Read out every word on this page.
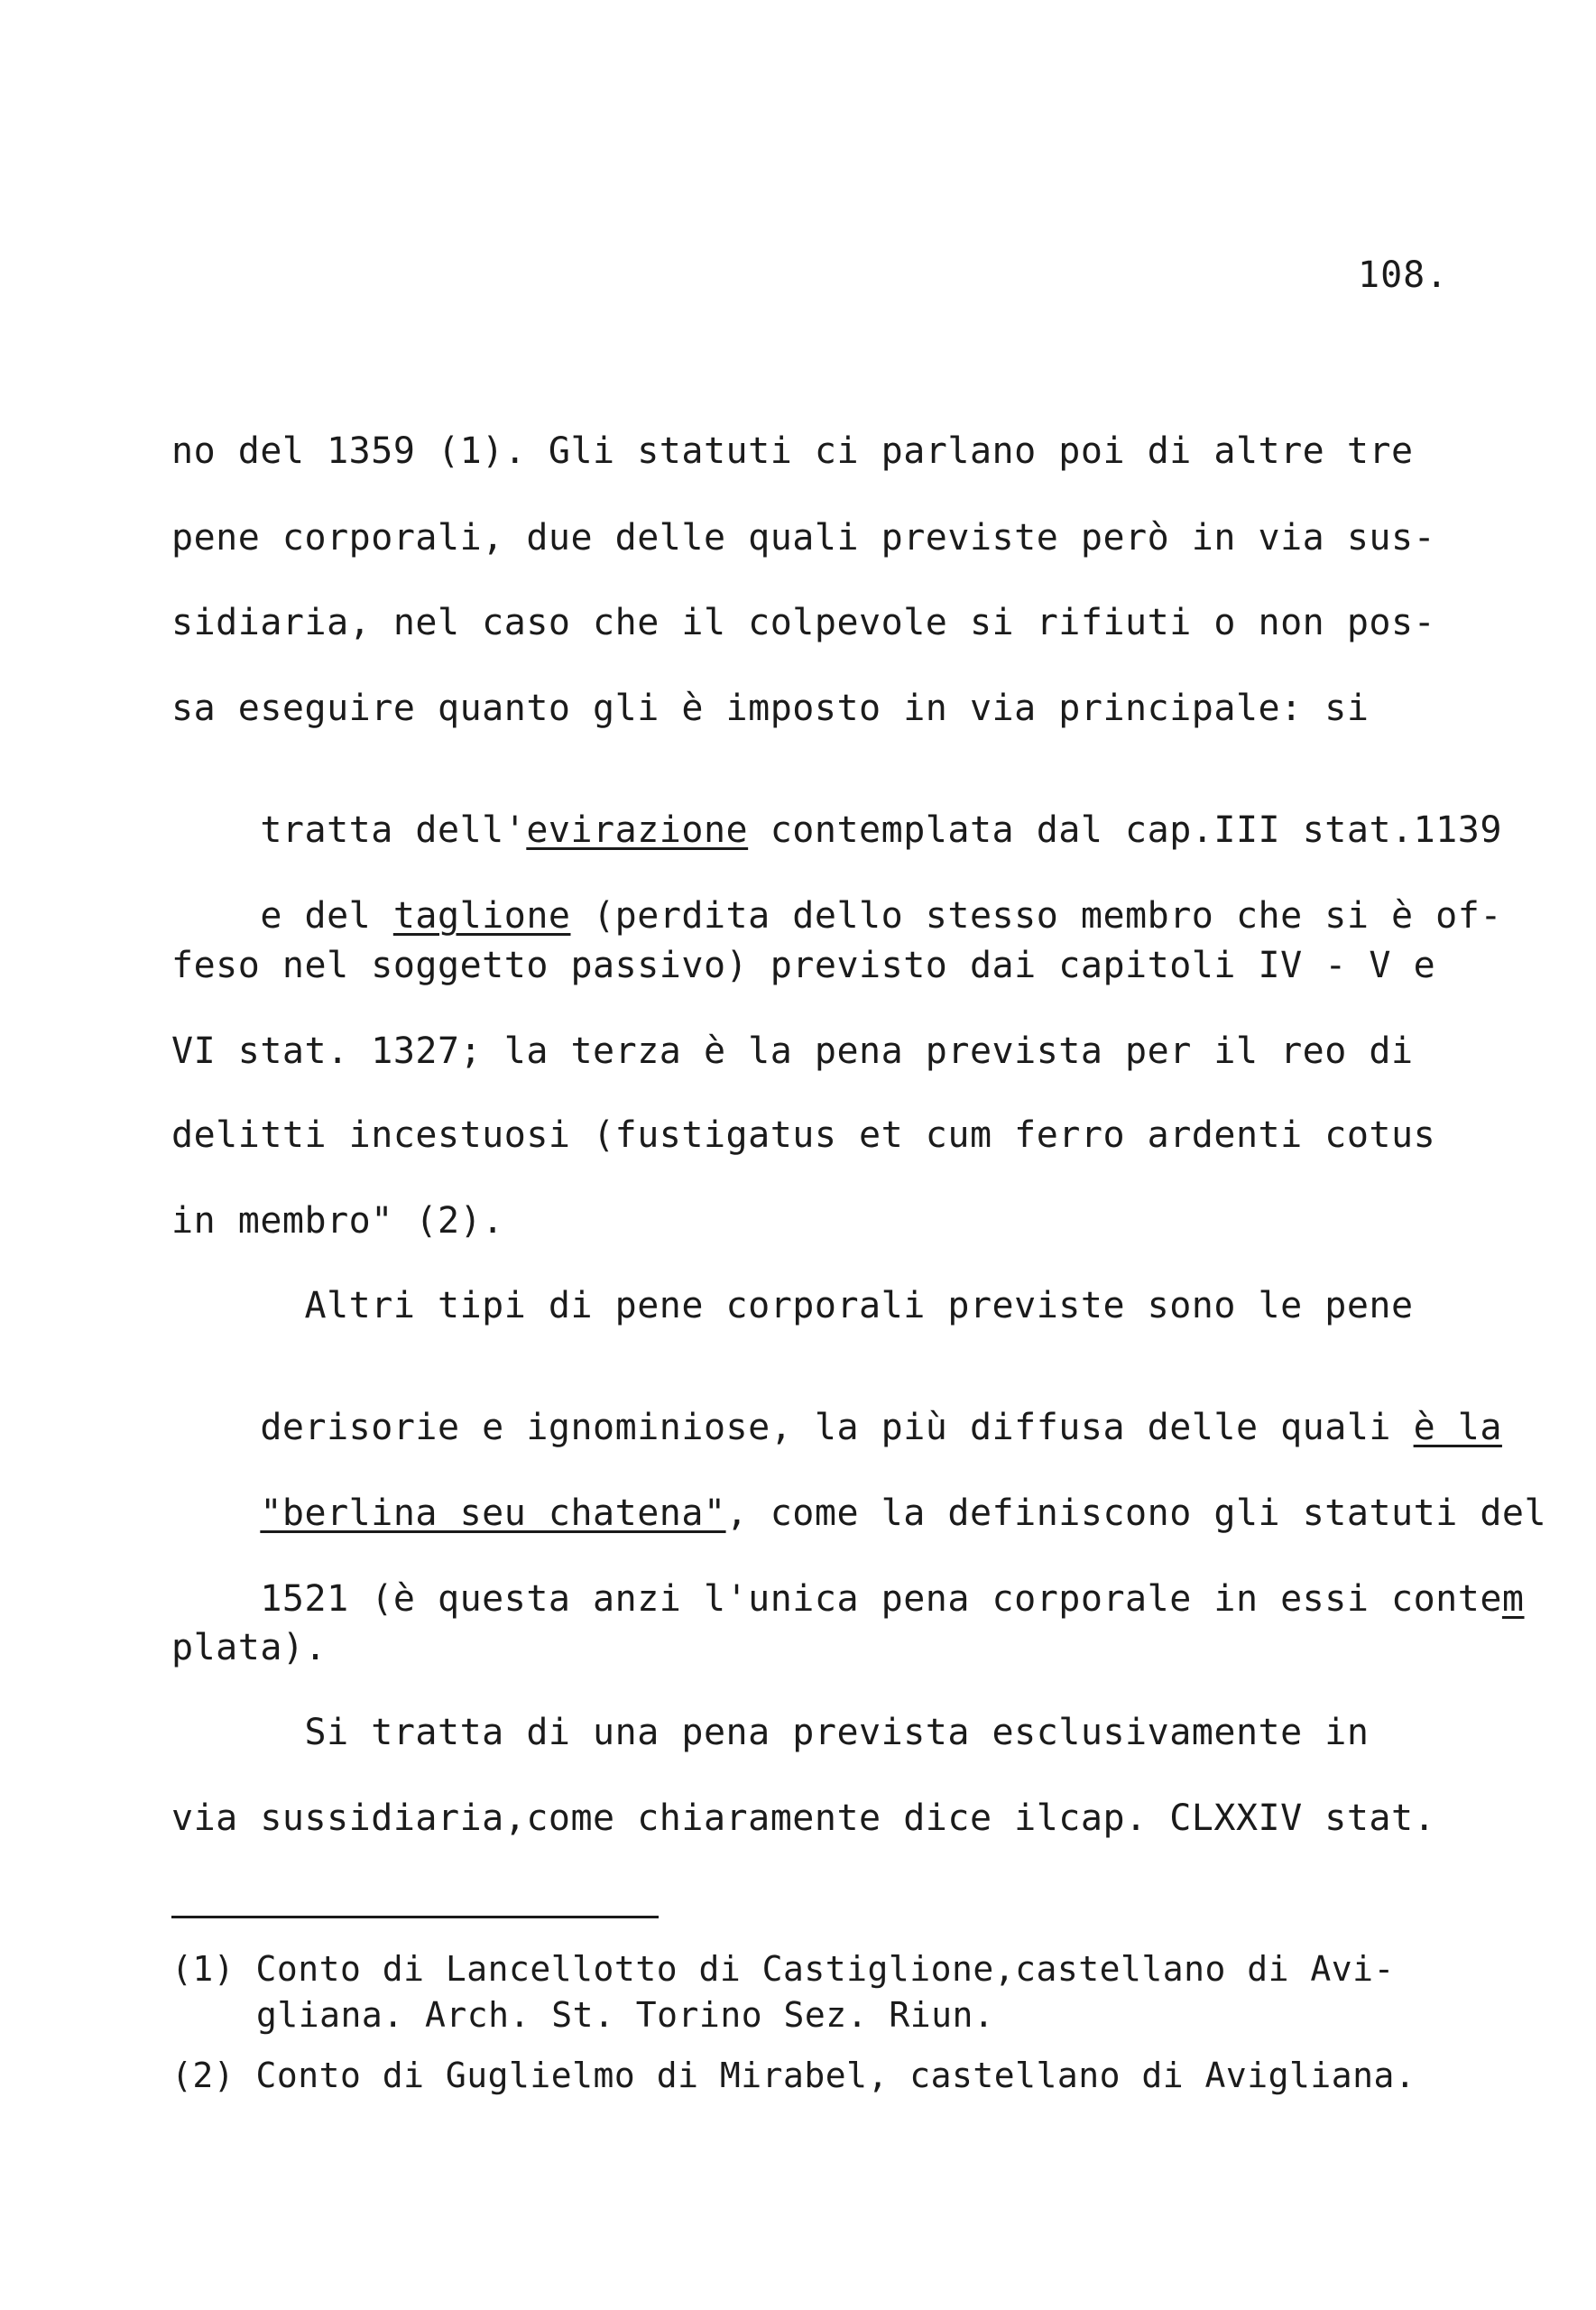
108.
no del 1359 (1). Gli statuti ci parlano poi di altre tre
pene corporali, due delle quali previste però in via sus-
sidiaria, nel caso che il colpevole si rifiuti o non pos-
sa eseguire quanto gli è imposto in via principale: si

tratta dell'evirazione contemplata dal cap.III stat.1139

e del taglione (perdita dello stesso membro che si è of-

feso nel soggetto passivo) previsto dai capitoli IV - V e
VI stat. 1327; la terza è la pena prevista per il reo di
delitti incestuosi (fustigatus et cum ferro ardenti cotus
in membro" (2).
Altri tipi di pene corporali previste sono le pene

derisorie e ignominiose, la più diffusa delle quali è la

"berlina seu chatena", come la definiscono gli statuti del

1521 (è questa anzi l'unica pena corporale in essi contem

plata).
Si tratta di una pena prevista esclusivamente in
via sussidiaria,come chiaramente dice ilcap. CLXXIV stat.
(1) Conto di Lancellotto di Castiglione,castellano di Avi-
gliana. Arch. St. Torino Sez. Riun.
(2) Conto di Guglielmo di Mirabel, castellano di Avigliana.
